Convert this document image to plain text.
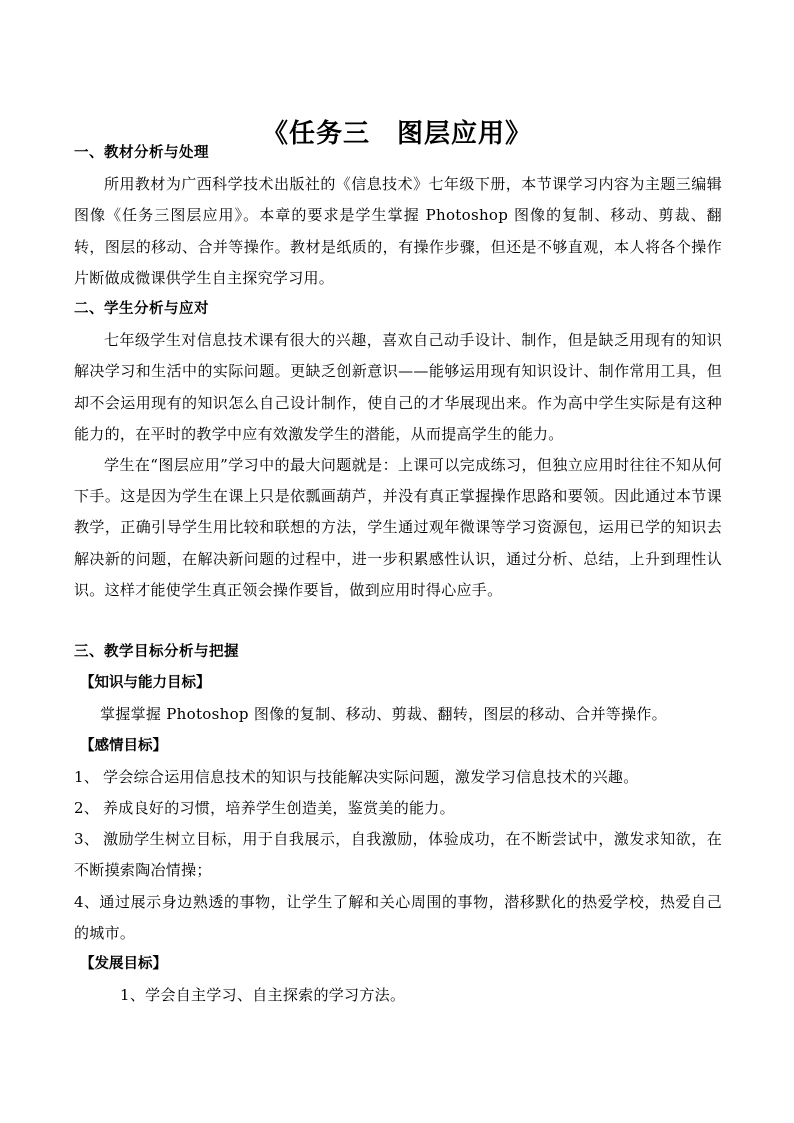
《任务三　图层应用》
一、教材分析与处理

所用教材为广西科学技术出版社的《信息技术》七年级下册，本节课学习内容为主题三编辑图像《任务三图层应用》。本章的要求是学生掌握 Photoshop 图像的复制、移动、剪裁、翻转，图层的移动、合并等操作。教材是纸质的，有操作步骤，但还是不够直观，本人将各个操作片断做成微课供学生自主探究学习用。

二、学生分析与应对

七年级学生对信息技术课有很大的兴趣，喜欢自己动手设计、制作，但是缺乏用现有的知识解决学习和生活中的实际问题。更缺乏创新意识——能够运用现有知识设计、制作常用工具，但却不会运用现有的知识怎么自己设计制作，使自己的才华展现出来。作为高中学生实际是有这种能力的，在平时的教学中应有效激发学生的潜能，从而提高学生的能力。

学生在“图层应用”学习中的最大问题就是：上课可以完成练习，但独立应用时往往不知从何下手。这是因为学生在课上只是依瓢画葫芦，并没有真正掌握操作思路和要领。因此通过本节课教学，正确引导学生用比较和联想的方法，学生通过观年微课等学习资源包，运用已学的知识去解决新的问题，在解决新问题的过程中，进一步积累感性认识，通过分析、总结，上升到理性认识。这样才能使学生真正领会操作要旨，做到应用时得心应手。

三、教学目标分析与把握
【知识与能力目标】

掌握掌握 Photoshop 图像的复制、移动、剪裁、翻转，图层的移动、合并等操作。

【感情目标】

1、 学会综合运用信息技术的知识与技能解决实际问题，激发学习信息技术的兴趣。

2、 养成良好的习惯，培养学生创造美，鉴赏美的能力。

3、 激励学生树立目标，用于自我展示，自我激励，体验成功，在不断尝试中，激发求知欲，在不断摸索陶冶情操；

4、通过展示身边熟透的事物，让学生了解和关心周围的事物，潜移默化的热爱学校，热爱自己的城市。

【发展目标】

1、学会自主学习、自主探索的学习方法。
